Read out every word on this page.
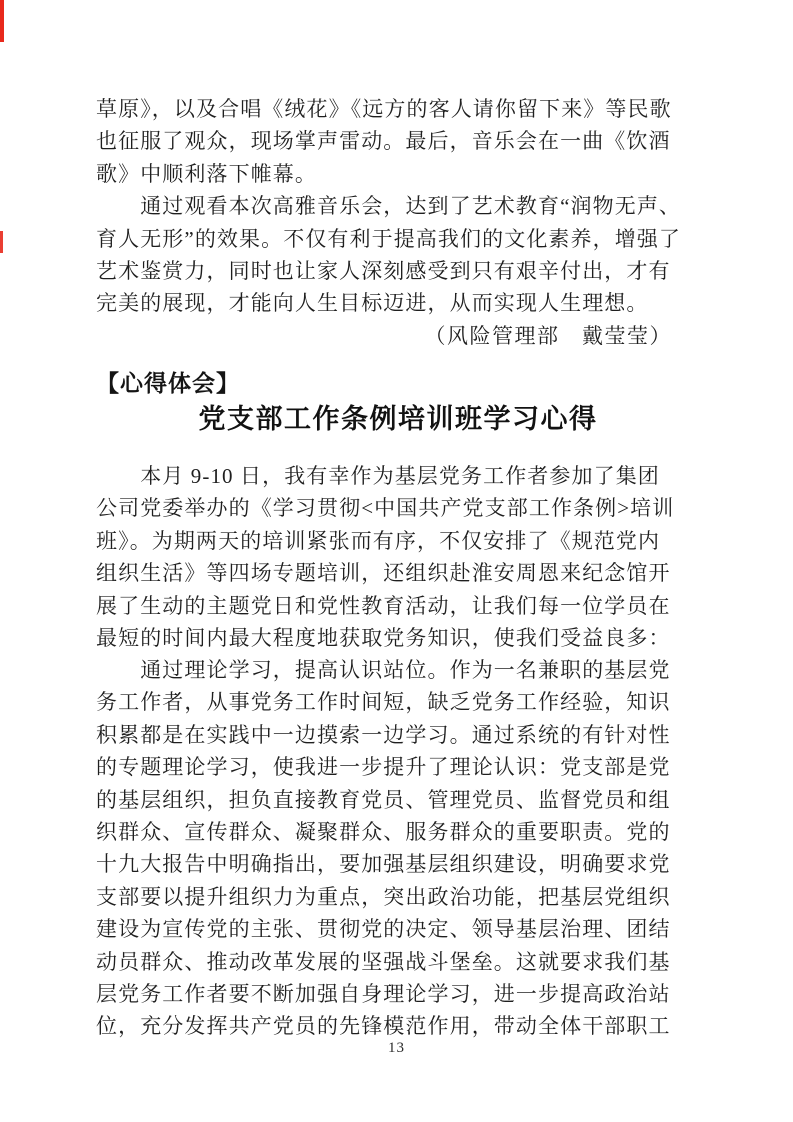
草原》，以及合唱《绒花》《远方的客人请你留下来》等民歌
也征服了观众，现场掌声雷动。最后，音乐会在一曲《饮酒
歌》中顺利落下帷幕。
　　通过观看本次高雅音乐会，达到了艺术教育“润物无声、
育人无形”的效果。不仅有利于提高我们的文化素养，增强了
艺术鉴赏力，同时也让家人深刻感受到只有艰辛付出，才有
完美的展现，才能向人生目标迈进，从而实现人生理想。
（风险管理部　戴莹莹）
【心得体会】
党支部工作条例培训班学习心得
　　本月 9-10 日，我有幸作为基层党务工作者参加了集团
公司党委举办的《学习贯彻<中国共产党支部工作条例>培训
班》。为期两天的培训紧张而有序，不仅安排了《规范党内
组织生活》等四场专题培训，还组织赴淮安周恩来纪念馆开
展了生动的主题党日和党性教育活动，让我们每一位学员在
最短的时间内最大程度地获取党务知识，使我们受益良多：
　　通过理论学习，提高认识站位。作为一名兼职的基层党
务工作者，从事党务工作时间短，缺乏党务工作经验，知识
积累都是在实践中一边摸索一边学习。通过系统的有针对性
的专题理论学习，使我进一步提升了理论认识：党支部是党
的基层组织，担负直接教育党员、管理党员、监督党员和组
织群众、宣传群众、凝聚群众、服务群众的重要职责。党的
十九大报告中明确指出，要加强基层组织建设，明确要求党
支部要以提升组织力为重点，突出政治功能，把基层党组织
建设为宣传党的主张、贯彻党的决定、领导基层治理、团结
动员群众、推动改革发展的坚强战斗堡垒。这就要求我们基
层党务工作者要不断加强自身理论学习，进一步提高政治站
位，充分发挥共产党员的先锋模范作用，带动全体干部职工
13
